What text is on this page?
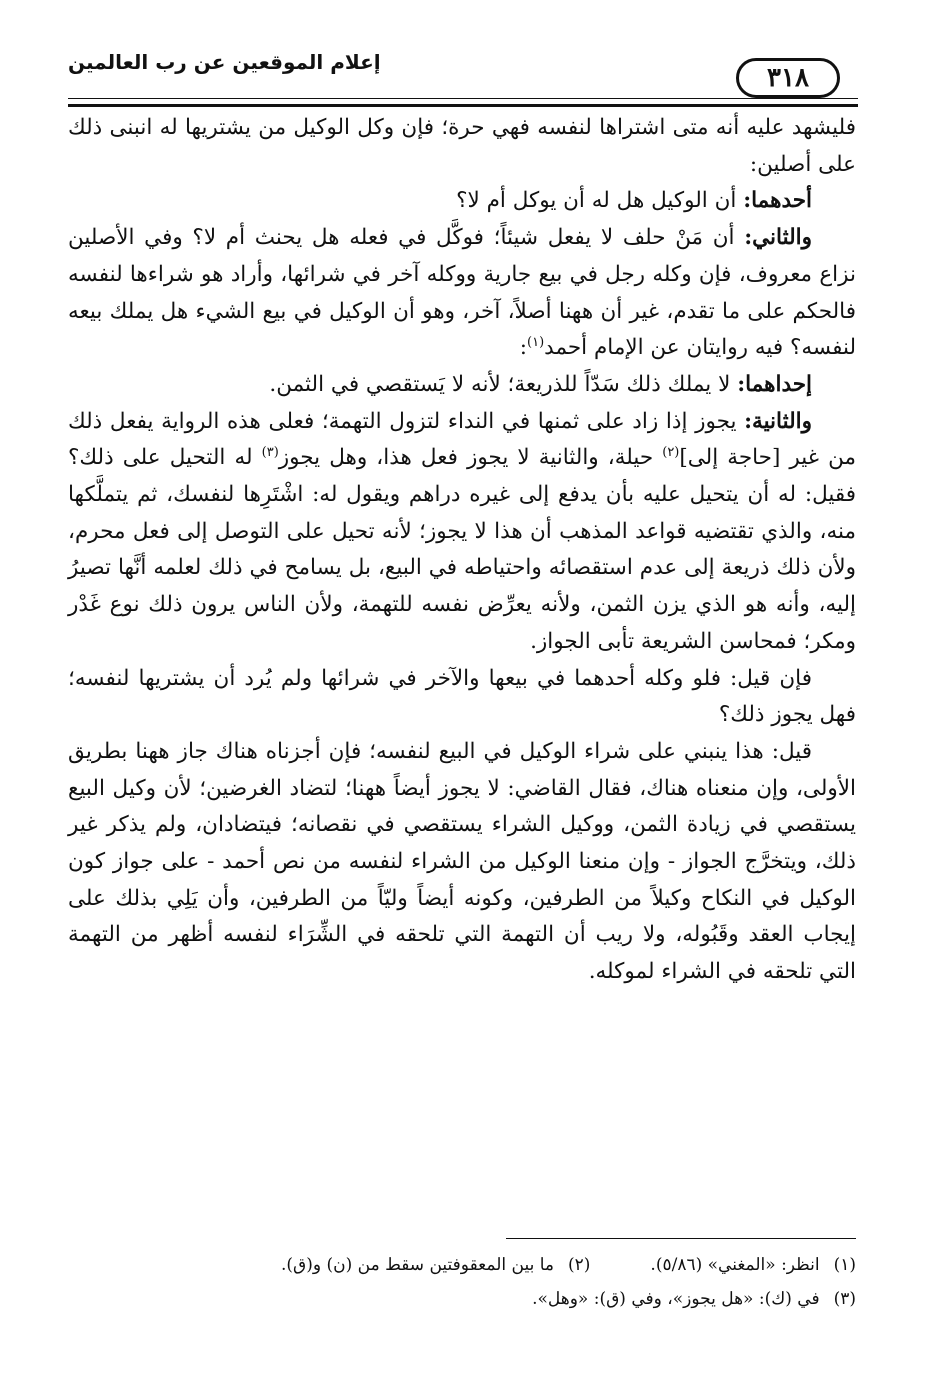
إعلام الموقعين عن رب العالمين
٣١٨

فليشهد عليه أنه متى اشتراها لنفسه فهي حرة؛ فإن وكل الوكيل من يشتريها له انبنى ذلك على أصلين:

أحدهما: أن الوكيل هل له أن يوكل أم لا؟

والثاني: أن مَنْ حلف لا يفعل شيئاً؛ فوكَّل في فعله هل يحنث أم لا؟ وفي الأصلين نزاع معروف، فإن وكله رجل في بيع جارية ووكله آخر في شرائها، وأراد هو شراءها لنفسه فالحكم على ما تقدم، غير أن ههنا أصلاً، آخر، وهو أن الوكيل في بيع الشيء هل يملك بيعه لنفسه؟ فيه روايتان عن الإمام أحمد$^{(١)}$:

إحداهما: لا يملك ذلك سَدّاً للذريعة؛ لأنه لا يَستقصي في الثمن.

والثانية: يجوز إذا زاد على ثمنها في النداء لتزول التهمة؛ فعلى هذه الرواية يفعل ذلك من غير [حاجة إلى]$^{(٢)}$ حيلة، والثانية لا يجوز فعل هذا، وهل يجوز$^{(٣)}$ له التحيل على ذلك؟ فقيل: له أن يتحيل عليه بأن يدفع إلى غيره دراهم ويقول له: اشْتَرِها لنفسك، ثم يتملَّكها منه، والذي تقتضيه قواعد المذهب أن هذا لا يجوز؛ لأنه تحيل على التوصل إلى فعل محرم، ولأن ذلك ذريعة إلى عدم استقصائه واحتياطه في البيع، بل يسامح في ذلك لعلمه أنَّها تصيرُ إليه، وأنه هو الذي يزن الثمن، ولأنه يعرِّض نفسه للتهمة، ولأن الناس يرون ذلك نوع غَدْر ومكر؛ فمحاسن الشريعة تأبى الجواز.

فإن قيل: فلو وكله أحدهما في بيعها والآخر في شرائها ولم يُرد أن يشتريها لنفسه؛ فهل يجوز ذلك؟

قيل: هذا ينبني على شراء الوكيل في البيع لنفسه؛ فإن أجزناه هناك جاز ههنا بطريق الأولى، وإن منعناه هناك، فقال القاضي: لا يجوز أيضاً ههنا؛ لتضاد الغرضين؛ لأن وكيل البيع يستقصي في زيادة الثمن، ووكيل الشراء يستقصي في نقصانه؛ فيتضادان، ولم يذكر غير ذلك، ويتخرَّج الجواز - وإن منعنا الوكيل من الشراء لنفسه من نص أحمد - على جواز كون الوكيل في النكاح وكيلاً من الطرفين، وكونه أيضاً وليّاً من الطرفين، وأن يَلِي بذلك على إيجاب العقد وقَبُوله، ولا ريب أن التهمة التي تلحقه في الشِّرَاء لنفسه أظهر من التهمة التي تلحقه في الشراء لموكله.

(١)انظر: «المغني» (٥/٨٦).
(٢)ما بين المعقوفتين سقط من (ن) و(ق).
(٣)في (ك): «هل يجوز»، وفي (ق): «وهل».
